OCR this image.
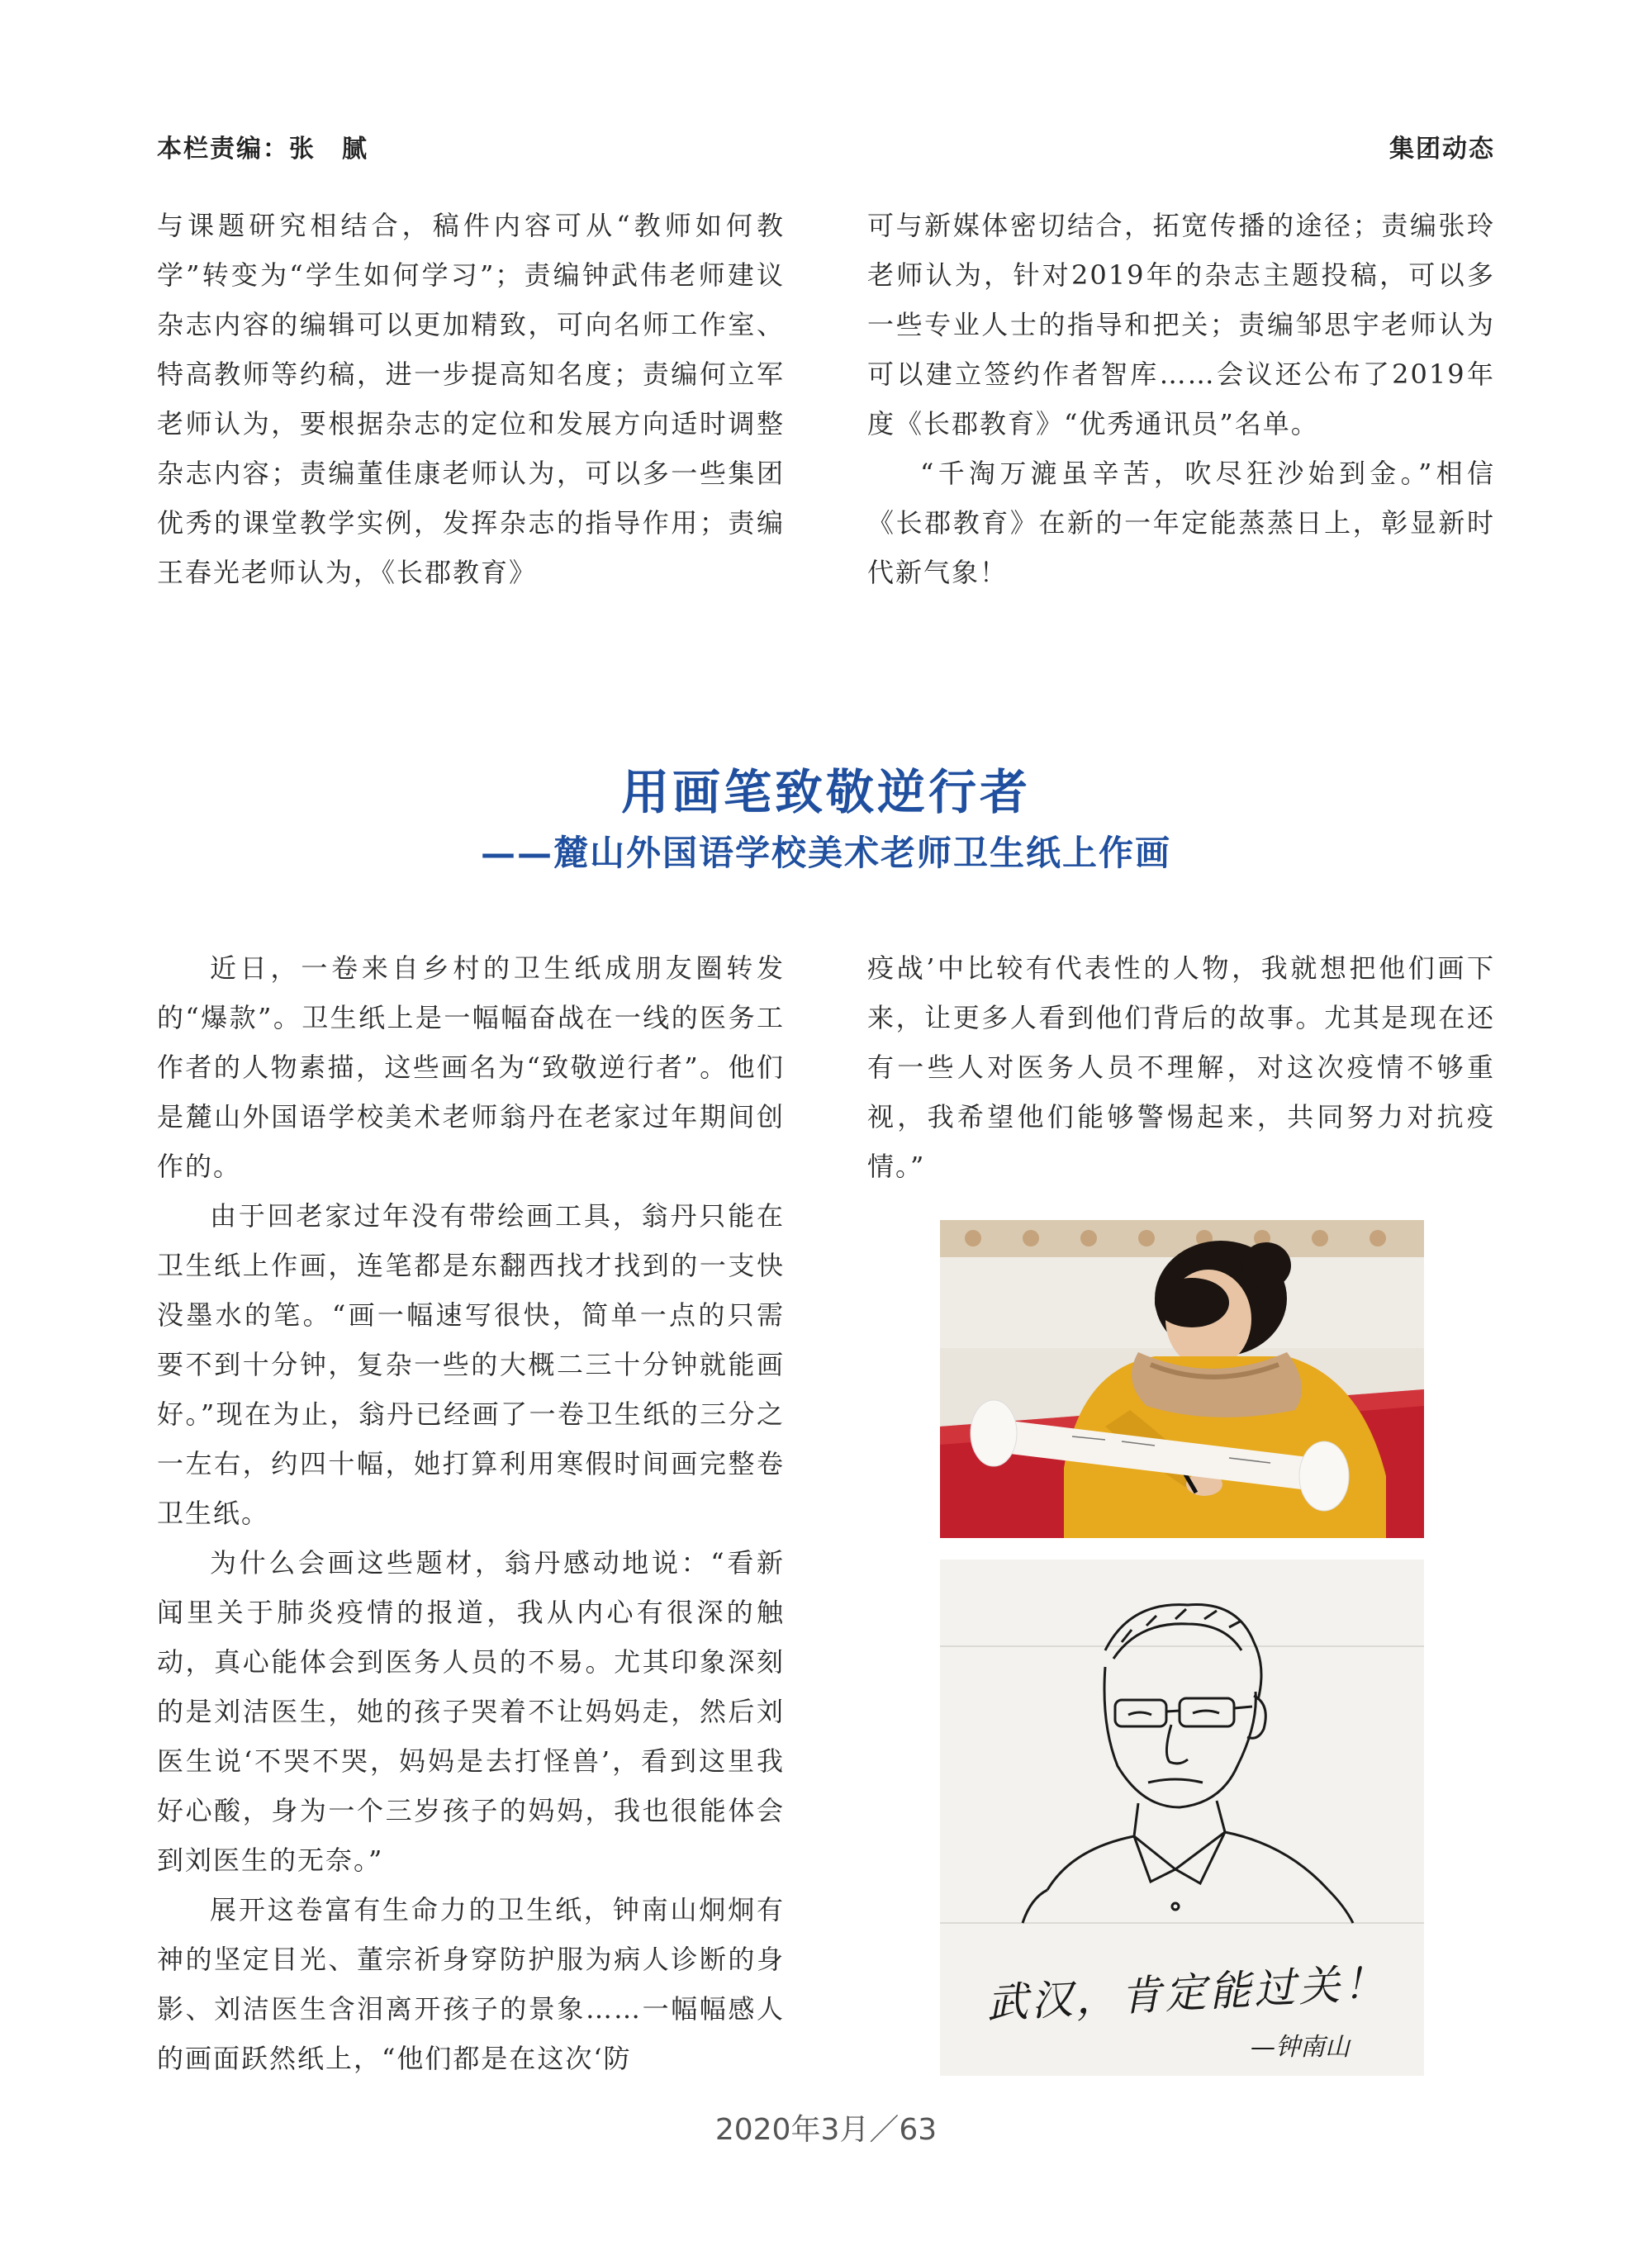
本栏责编：张　腻	集团动态

与课题研究相结合，稿件内容可从“教师如何教学”转变为“学生如何学习”；责编钟武伟老师建议杂志内容的编辑可以更加精致，可向名师工作室、特高教师等约稿，进一步提高知名度；责编何立军老师认为，要根据杂志的定位和发展方向适时调整杂志内容；责编董佳康老师认为，可以多一些集团优秀的课堂教学实例，发挥杂志的指导作用；责编王春光老师认为，《长郡教育》

可与新媒体密切结合，拓宽传播的途径；责编张玲老师认为，针对2019年的杂志主题投稿，可以多一些专业人士的指导和把关；责编邹思宇老师认为可以建立签约作者智库……会议还公布了2019年度《长郡教育》“优秀通讯员”名单。

“千淘万漉虽辛苦，吹尽狂沙始到金。”相信《长郡教育》在新的一年定能蒸蒸日上，彰显新时代新气象！

用画笔致敬逆行者
——麓山外国语学校美术老师卫生纸上作画

近日，一卷来自乡村的卫生纸成朋友圈转发的“爆款”。卫生纸上是一幅幅奋战在一线的医务工作者的人物素描，这些画名为“致敬逆行者”。他们是麓山外国语学校美术老师翁丹在老家过年期间创作的。

由于回老家过年没有带绘画工具，翁丹只能在卫生纸上作画，连笔都是东翻西找才找到的一支快没墨水的笔。“画一幅速写很快，简单一点的只需要不到十分钟，复杂一些的大概二三十分钟就能画好。”现在为止，翁丹已经画了一卷卫生纸的三分之一左右，约四十幅，她打算利用寒假时间画完整卷卫生纸。

为什么会画这些题材，翁丹感动地说：“看新闻里关于肺炎疫情的报道，我从内心有很深的触动，真心能体会到医务人员的不易。尤其印象深刻的是刘洁医生，她的孩子哭着不让妈妈走，然后刘医生说‘不哭不哭，妈妈是去打怪兽’，看到这里我好心酸，身为一个三岁孩子的妈妈，我也很能体会到刘医生的无奈。”

展开这卷富有生命力的卫生纸，钟南山炯炯有神的坚定目光、董宗祈身穿防护服为病人诊断的身影、刘洁医生含泪离开孩子的景象……一幅幅感人的画面跃然纸上，“他们都是在这次‘防

疫战’中比较有代表性的人物，我就想把他们画下来，让更多人看到他们背后的故事。尤其是现在还有一些人对医务人员不理解，对这次疫情不够重视，我希望他们能够警惕起来，共同努力对抗疫情。”

武汉，肯定能过关！
—钟南山
2020年3月／63
